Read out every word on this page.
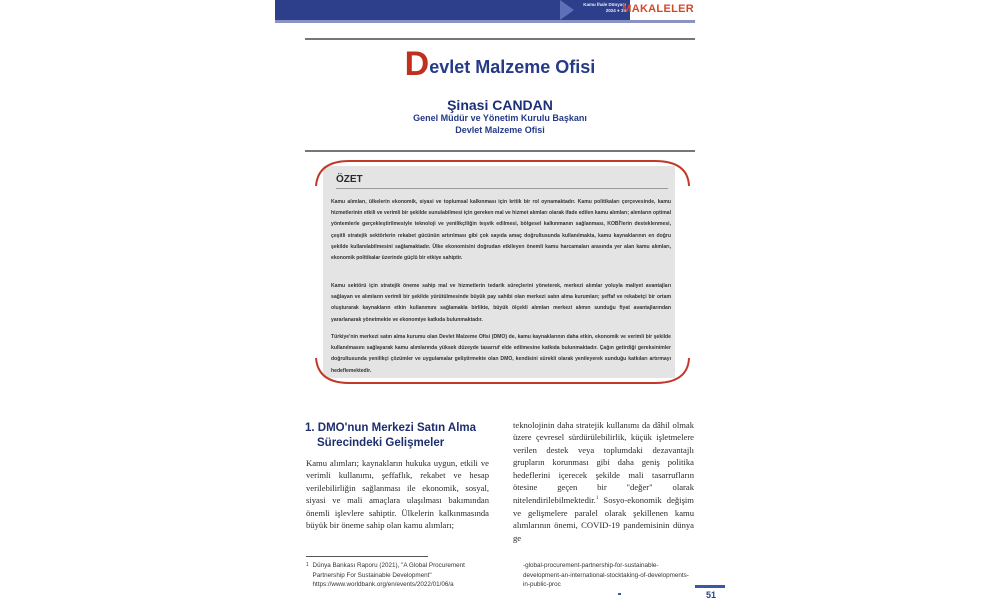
Kamu İhale Dünyası
2024 ● 35
MAKALELER
Devlet Malzeme Ofisi
Şinasi CANDAN
Genel Müdür ve Yönetim Kurulu Başkanı
Devlet Malzeme Ofisi
ÖZET
Kamu alımları, ülkelerin ekonomik, siyasi ve toplumsal kalkınması için kritik bir rol oynamaktadır. Kamu politikaları çerçevesinde, kamu hizmetlerinin etkili ve verimli bir şekilde sunulabilmesi için gereken mal ve hizmet alımları olarak ifade edilen kamu alımları; alımların optimal yöntemlerle gerçekleştirilmesiyle teknoloji ve yenilikçiliğin teşvik edilmesi, bölgesel kalkınmanın sağlanması, KOBİ'lerin desteklenmesi, çeşitli stratejik sektörlerin rekabet gücünün artırılması gibi çok sayıda amaç doğrultusunda kullanılmakta, kamu kaynaklarının en doğru şekilde kullanılabilmesini sağlamaktadır. Ülke ekonomisini doğrudan etkileyen önemli kamu harcamaları arasında yer alan kamu alımları, ekonomik politikalar üzerinde güçlü bir etkiye sahiptir.
Kamu sektörü için stratejik öneme sahip mal ve hizmetlerin tedarik süreçlerini yöneterek, merkezi alımlar yoluyla maliyet avantajları sağlayan ve alımların verimli bir şekilde yürütülmesinde büyük pay sahibi olan merkezi satın alma kurumları; şeffaf ve rekabetçi bir ortam oluşturarak kaynakların etkin kullanımını sağlamakla birlikte, büyük ölçekli alımları merkezi alımın sunduğu fiyat avantajlarından yararlanarak yönetmekte ve ekonomiye katkıda bulunmaktadır.
Türkiye'nin merkezi satın alma kurumu olan Devlet Malzeme Ofisi (DMO) de, kamu kaynaklarının daha etkin, ekonomik ve verimli bir şekilde kullanılmasını sağlayarak kamu alımlarında yüksek düzeyde tasarruf elde edilmesine katkıda bulunmaktadır. Çağın getirdiği gereksinimler doğrultusunda yenilikçi çözümler ve uygulamalar geliştirmekte olan DMO, kendisini sürekli olarak yenileyerek sunduğu katkıları artırmayı hedeflemektedir.
1. DMO'nun Merkezi Satın Alma
Sürecindeki Gelişmeler
Kamu alımları; kaynakların hukuka uygun, etkili ve verimli kullanımı, şeffaflık, rekabet ve hesap verilebilirliğin sağlanması ile ekonomik, sosyal, siyasi ve mali amaçlara ulaşılması bakımından önemli işlevlere sahiptir. Ülkelerin kalkınmasında büyük bir öneme sahip olan kamu alımları;
teknolojinin daha stratejik kullanımı da dâhil olmak üzere çevresel sürdürülebilirlik, küçük işletmelere verilen destek veya toplumdaki dezavantajlı grupların korunması gibi daha geniş politika hedeflerini içerecek şekilde mali tasarrufların ötesine geçen bir "değer" olarak nitelendirilebilmektedir.$^1$ Sosyo-ekonomik değişim ve gelişmelere paralel olarak şekillenen kamu alımlarının önemi, COVID-19 pandemisinin dünya ge
$^1$ Dünya Bankası Raporu (2021), "A Global Procurement Partnership For Sustainable Development" https://www.worldbank.org/en/events/2022/01/06/a
-global-procurement-partnership-for-sustainable-development-an-international-stocktaking-of-developments-in-public-proc
51
